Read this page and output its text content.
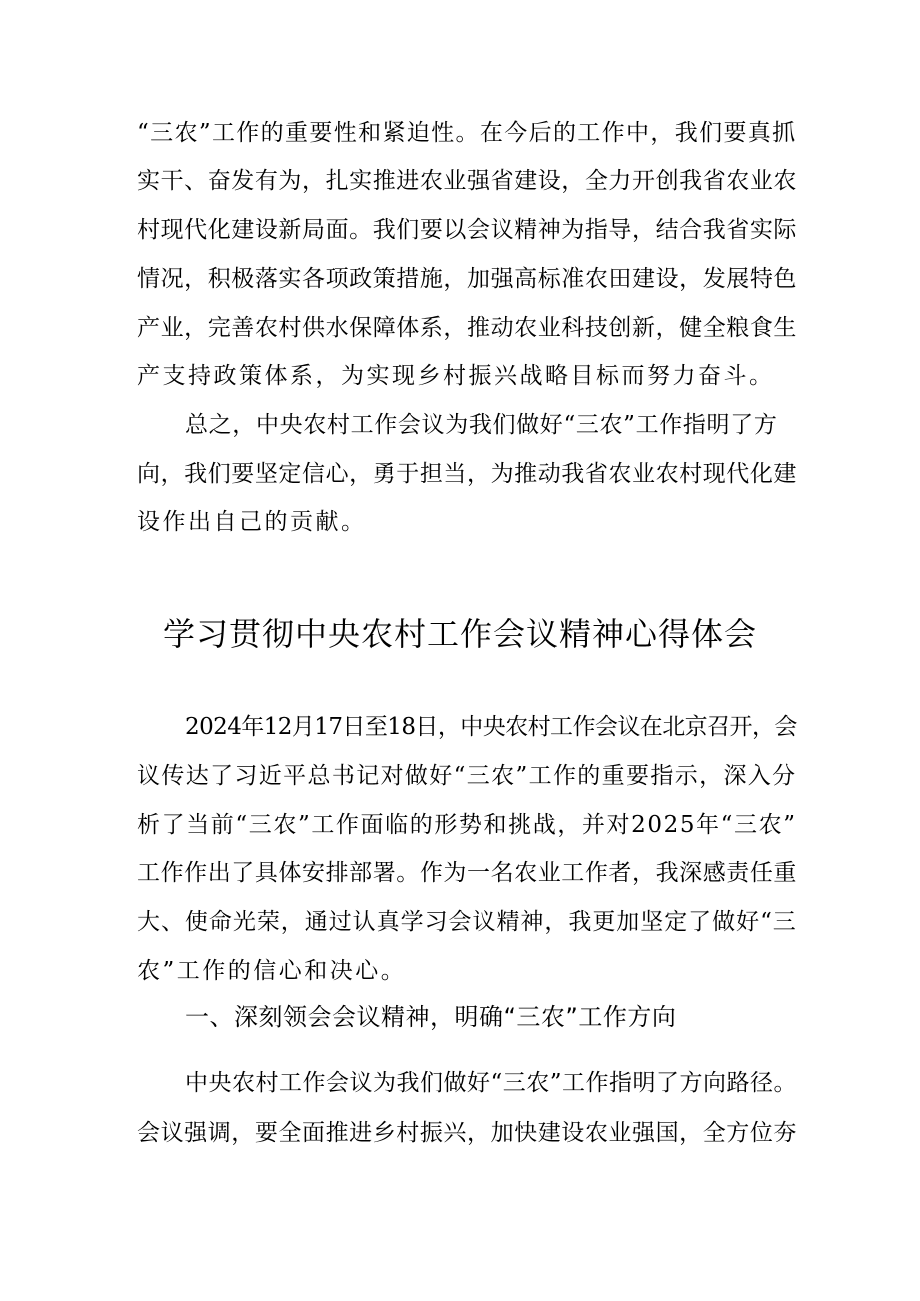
“三农”工作的重要性和紧迫性。在今后的工作中，我们要真抓
实干、奋发有为，扎实推进农业强省建设，全力开创我省农业农
村现代化建设新局面。我们要以会议精神为指导，结合我省实际
情况，积极落实各项政策措施，加强高标准农田建设，发展特色
产业，完善农村供水保障体系，推动农业科技创新，健全粮食生
产支持政策体系，为实现乡村振兴战略目标而努力奋斗。
总之，中央农村工作会议为我们做好“三农”工作指明了方
向，我们要坚定信心，勇于担当，为推动我省农业农村现代化建
设作出自己的贡献。
学习贯彻中央农村工作会议精神心得体会
2024年12月17日至18日，中央农村工作会议在北京召开，会
议传达了习近平总书记对做好“三农”工作的重要指示，深入分
析了当前“三农”工作面临的形势和挑战，并对2025年“三农”
工作作出了具体安排部署。作为一名农业工作者，我深感责任重
大、使命光荣，通过认真学习会议精神，我更加坚定了做好“三
农”工作的信心和决心。
一、深刻领会会议精神，明确“三农”工作方向
中央农村工作会议为我们做好“三农”工作指明了方向路径。
会议强调，要全面推进乡村振兴，加快建设农业强国，全方位夯
